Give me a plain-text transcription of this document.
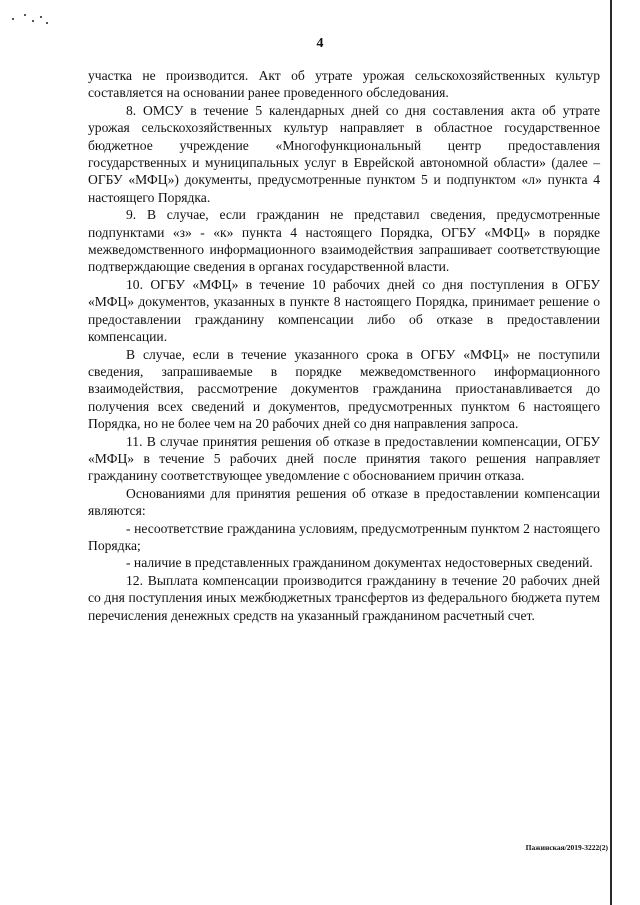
4

участка не производится. Акт об утрате урожая сельскохозяйственных культур составляется на основании ранее проведенного обследования.

8. ОМСУ в течение 5 календарных дней со дня составления акта об утрате урожая сельскохозяйственных культур направляет в областное государственное бюджетное учреждение «Многофункциональный центр предоставления государственных и муниципальных услуг в Еврейской автономной области» (далее – ОГБУ «МФЦ») документы, предусмотренные пунктом 5 и подпунктом «л» пункта 4 настоящего Порядка.

9. В случае, если гражданин не представил сведения, предусмотренные подпунктами «з» - «к» пункта 4 настоящего Порядка, ОГБУ «МФЦ» в порядке межведомственного информационного взаимодействия запрашивает соответствующие подтверждающие сведения в органах государственной власти.

10. ОГБУ «МФЦ» в течение 10 рабочих дней со дня поступления в ОГБУ «МФЦ» документов, указанных в пункте 8 настоящего Порядка, принимает решение о предоставлении гражданину компенсации либо об отказе в предоставлении компенсации.

В случае, если в течение указанного срока в ОГБУ «МФЦ» не поступили сведения, запрашиваемые в порядке межведомственного информационного взаимодействия, рассмотрение документов гражданина приостанавливается до получения всех сведений и документов, предусмотренных пунктом 6 настоящего Порядка, но не более чем на 20 рабочих дней со дня направления запроса.

11. В случае принятия решения об отказе в предоставлении компенсации, ОГБУ «МФЦ» в течение 5 рабочих дней после принятия такого решения направляет гражданину соответствующее уведомление с обоснованием причин отказа.

Основаниями для принятия решения об отказе в предоставлении компенсации являются:

- несоответствие гражданина условиям, предусмотренным пунктом 2 настоящего Порядка;

- наличие в представленных гражданином документах недостоверных сведений.

12. Выплата компенсации производится гражданину в течение 20 рабочих дней со дня поступления иных межбюджетных трансфертов из федерального бюджета путем перечисления денежных средств на указанный гражданином расчетный счет.

Пажинская/2019-3222(2)
